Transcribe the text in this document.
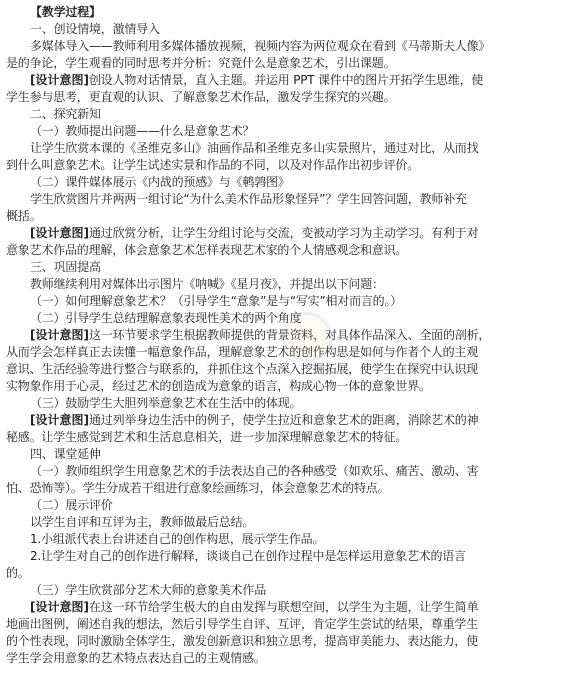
【教学过程】
一、创设情境，激情导入
多媒体导入——教师利用多媒体播放视频，视频内容为两位观众在看到《马蒂斯夫人像》
是的争论，学生观看的同时思考并分析：究竟什么是意象艺术，引出课题。
[设计意图]创设人物对话情景，直入主题。并运用 PPT 课件中的图片开拓学生思维，使
学生参与思考，更直观的认识、了解意象艺术作品，激发学生探究的兴趣。
二、探究新知
（一）教师提出问题——什么是意象艺术？
让学生欣赏本课的《圣维克多山》油画作品和圣维克多山实景照片，通过对比，从而找
到什么叫意象艺术。让学生试述实景和作品的不同，以及对作品作出初步评价。
（二）课件媒体展示《内战的预感》与《鹌鹑图》
学生欣赏图片并两两一组讨论“为什么美术作品形象怪异”？学生回答问题，教师补充
概括。
[设计意图]通过欣赏分析，让学生分组讨论与交流，变被动学习为主动学习。有利于对
意象艺术作品的理解，体会意象艺术怎样表现艺术家的个人情感观念和意识。
三、巩固提高
教师继续利用对媒体出示图片《呐喊》《星月夜》，并提出以下问题：
（一）如何理解意象艺术？（引导学生“意象”是与“写实”相对而言的。）
（二）引导学生总结理解意象表现性美术的两个角度
[设计意图]这一环节要求学生根据教师提供的背景资料，对具体作品深入、全面的剖析，
从而学会怎样真正去读懂一幅意象作品，理解意象艺术的创作构思是如何与作者个人的主观
意识、生活经验等进行整合与联系的，并抓住这个点深入挖掘拓展，使学生在探究中认识现
实物象作用于心灵，经过艺术的创造成为意象的语言，构成心物一体的意象世界。
（三）鼓励学生大胆列举意象艺术在生活中的体现。
[设计意图]通过列举身边生活中的例子，使学生拉近和意象艺术的距离，消除艺术的神
秘感。让学生感觉到艺术和生活息息相关，进一步加深理解意象艺术的特征。
四、课堂延伸
（一）教师组织学生用意象艺术的手法表达自己的各种感受（如欢乐、痛苦、激动、害
怕、恐怖等）。学生分成若干组进行意象绘画练习，体会意象艺术的特点。
（二）展示评价
以学生自评和互评为主，教师做最后总结。
1.小组派代表上台讲述自己的创作构思，展示学生作品。
2.让学生对自己的创作进行解释，谈谈自己在创作过程中是怎样运用意象艺术的语言
的。
（三）学生欣赏部分艺术大师的意象美术作品
[设计意图]在这一环节给学生极大的自由发挥与联想空间，以学生为主题，让学生简单
地画出图例，阐述自我的想法，然后引导学生自评、互评，肯定学生尝试的结果，尊重学生
的个性表现，同时激励全体学生，激发创新意识和独立思考，提高审美能力、表达能力，使
学生学会用意象的艺术特点表达自己的主观情感。
